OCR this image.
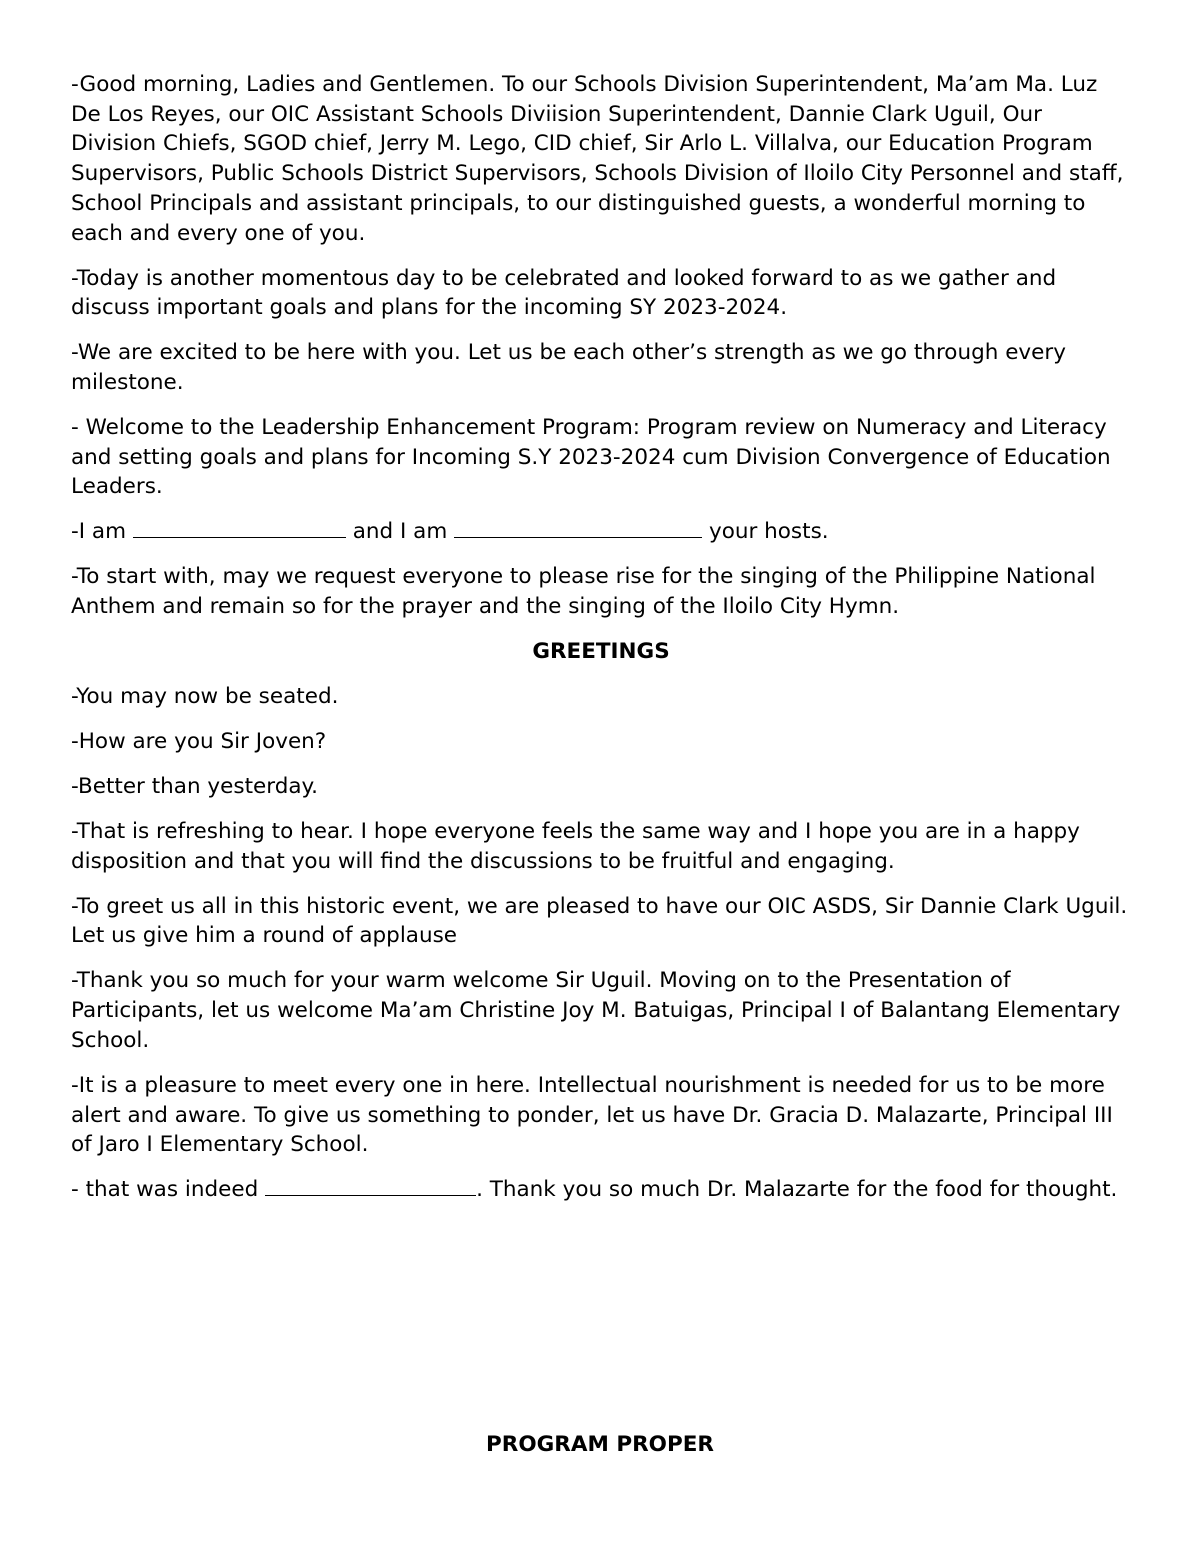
-Good morning, Ladies and Gentlemen. To our Schools Division Superintendent, Ma’am Ma. Luz De Los Reyes, our OIC Assistant Schools Diviision Superintendent, Dannie Clark Uguil, Our Division Chiefs, SGOD chief, Jerry M. Lego, CID chief, Sir Arlo L. Villalva, our Education Program Supervisors, Public Schools District Supervisors, Schools Division of Iloilo City Personnel and staff, School Principals and assistant principals, to our distinguished guests, a wonderful morning to each and every one of you.

-Today is another momentous day to be celebrated and looked forward to as we gather and discuss important goals and plans for the incoming SY 2023-2024.

-We are excited to be here with you. Let us be each other’s strength as we go through every milestone.

- Welcome to the Leadership Enhancement Program: Program review on Numeracy and Literacy and setting goals and plans for Incoming S.Y 2023-2024 cum Division Convergence of Education Leaders.

-I am	and I am	your hosts.

-To start with, may we request everyone to please rise for the singing of the Philippine National Anthem and remain so for the prayer and the singing of the Iloilo City Hymn.

GREETINGS

-You may now be seated.

-How are you Sir Joven?

-Better than yesterday.

-That is refreshing to hear. I hope everyone feels the same way and I hope you are in a happy disposition and that you will find the discussions to be fruitful and engaging.

-To greet us all in this historic event, we are pleased to have our OIC ASDS, Sir Dannie Clark Uguil. Let us give him a round of applause

-Thank you so much for your warm welcome Sir Uguil. Moving on to the Presentation of Participants, let us welcome Ma’am Christine Joy M. Batuigas, Principal I of Balantang Elementary School.

-It is a pleasure to meet every one in here. Intellectual nourishment is needed for us to be more alert and aware. To give us something to ponder, let us have Dr. Gracia D. Malazarte, Principal III of Jaro I Elementary School.

- that was indeed	. Thank you so much Dr. Malazarte for the food for thought.

PROGRAM PROPER
